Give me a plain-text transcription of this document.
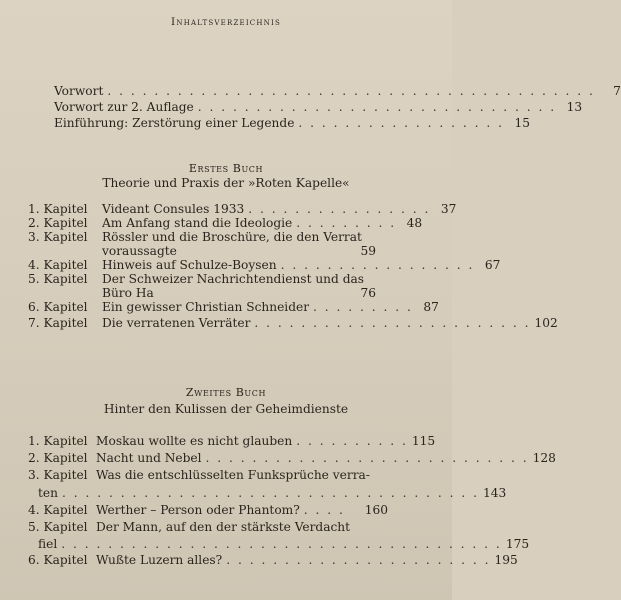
Inhaltsverzeichnis
Vorwort . . . . . . . . . . . . . . . . . . . . . . . . . . . . . . . . . . . . . . . . . .	7
Vorwort zur 2. Auflage . . . . . . . . . . . . . . . . . . . . . . . . . . . . . . . 13
Einführung: Zerstörung einer Legende . . . . . . . . . . . . . . . . . . 15
Erstes Buch
Theorie und Praxis der »Roten Kapelle«
1. Kapitel Videant Consules 1933 . . . . . . . . . . . . . . . . 37
2. Kapitel Am Anfang stand die Ideologie . . . . . . . . . 48
3. Kapitel Rössler und die Broschüre, die den Verrat
voraussagte	59
4. Kapitel Hinweis auf Schulze-Boysen . . . . . . . . . . . . . . . . . 67
5. Kapitel Der Schweizer Nachrichtendienst und das
Büro Ha	76
6. Kapitel Ein gewisser Christian Schneider . . . . . . . . . 87
7. Kapitel Die verratenen Verräter . . . . . . . . . . . . . . . . . . . . . . . . 102
Zweites Buch
Hinter den Kulissen der Geheimdienste
1. Kapitel Moskau wollte es nicht glauben . . . . . . . . . . 115
2. Kapitel Nacht und Nebel . . . . . . . . . . . . . . . . . . . . . . . . . . . . 128
3. Kapitel Was die entschlüsselten Funksprüche verra-
ten . . . . . . . . . . . . . . . . . . . . . . . . . . . . . . . . . . . . 143
4. Kapitel Werther – Person oder Phantom? . . . .	160
5. Kapitel Der Mann, auf den der stärkste Verdacht
fiel . . . . . . . . . . . . . . . . . . . . . . . . . . . . . . . . . . . . . . 175
6. Kapitel Wußte Luzern alles? . . . . . . . . . . . . . . . . . . . . . . . 195
